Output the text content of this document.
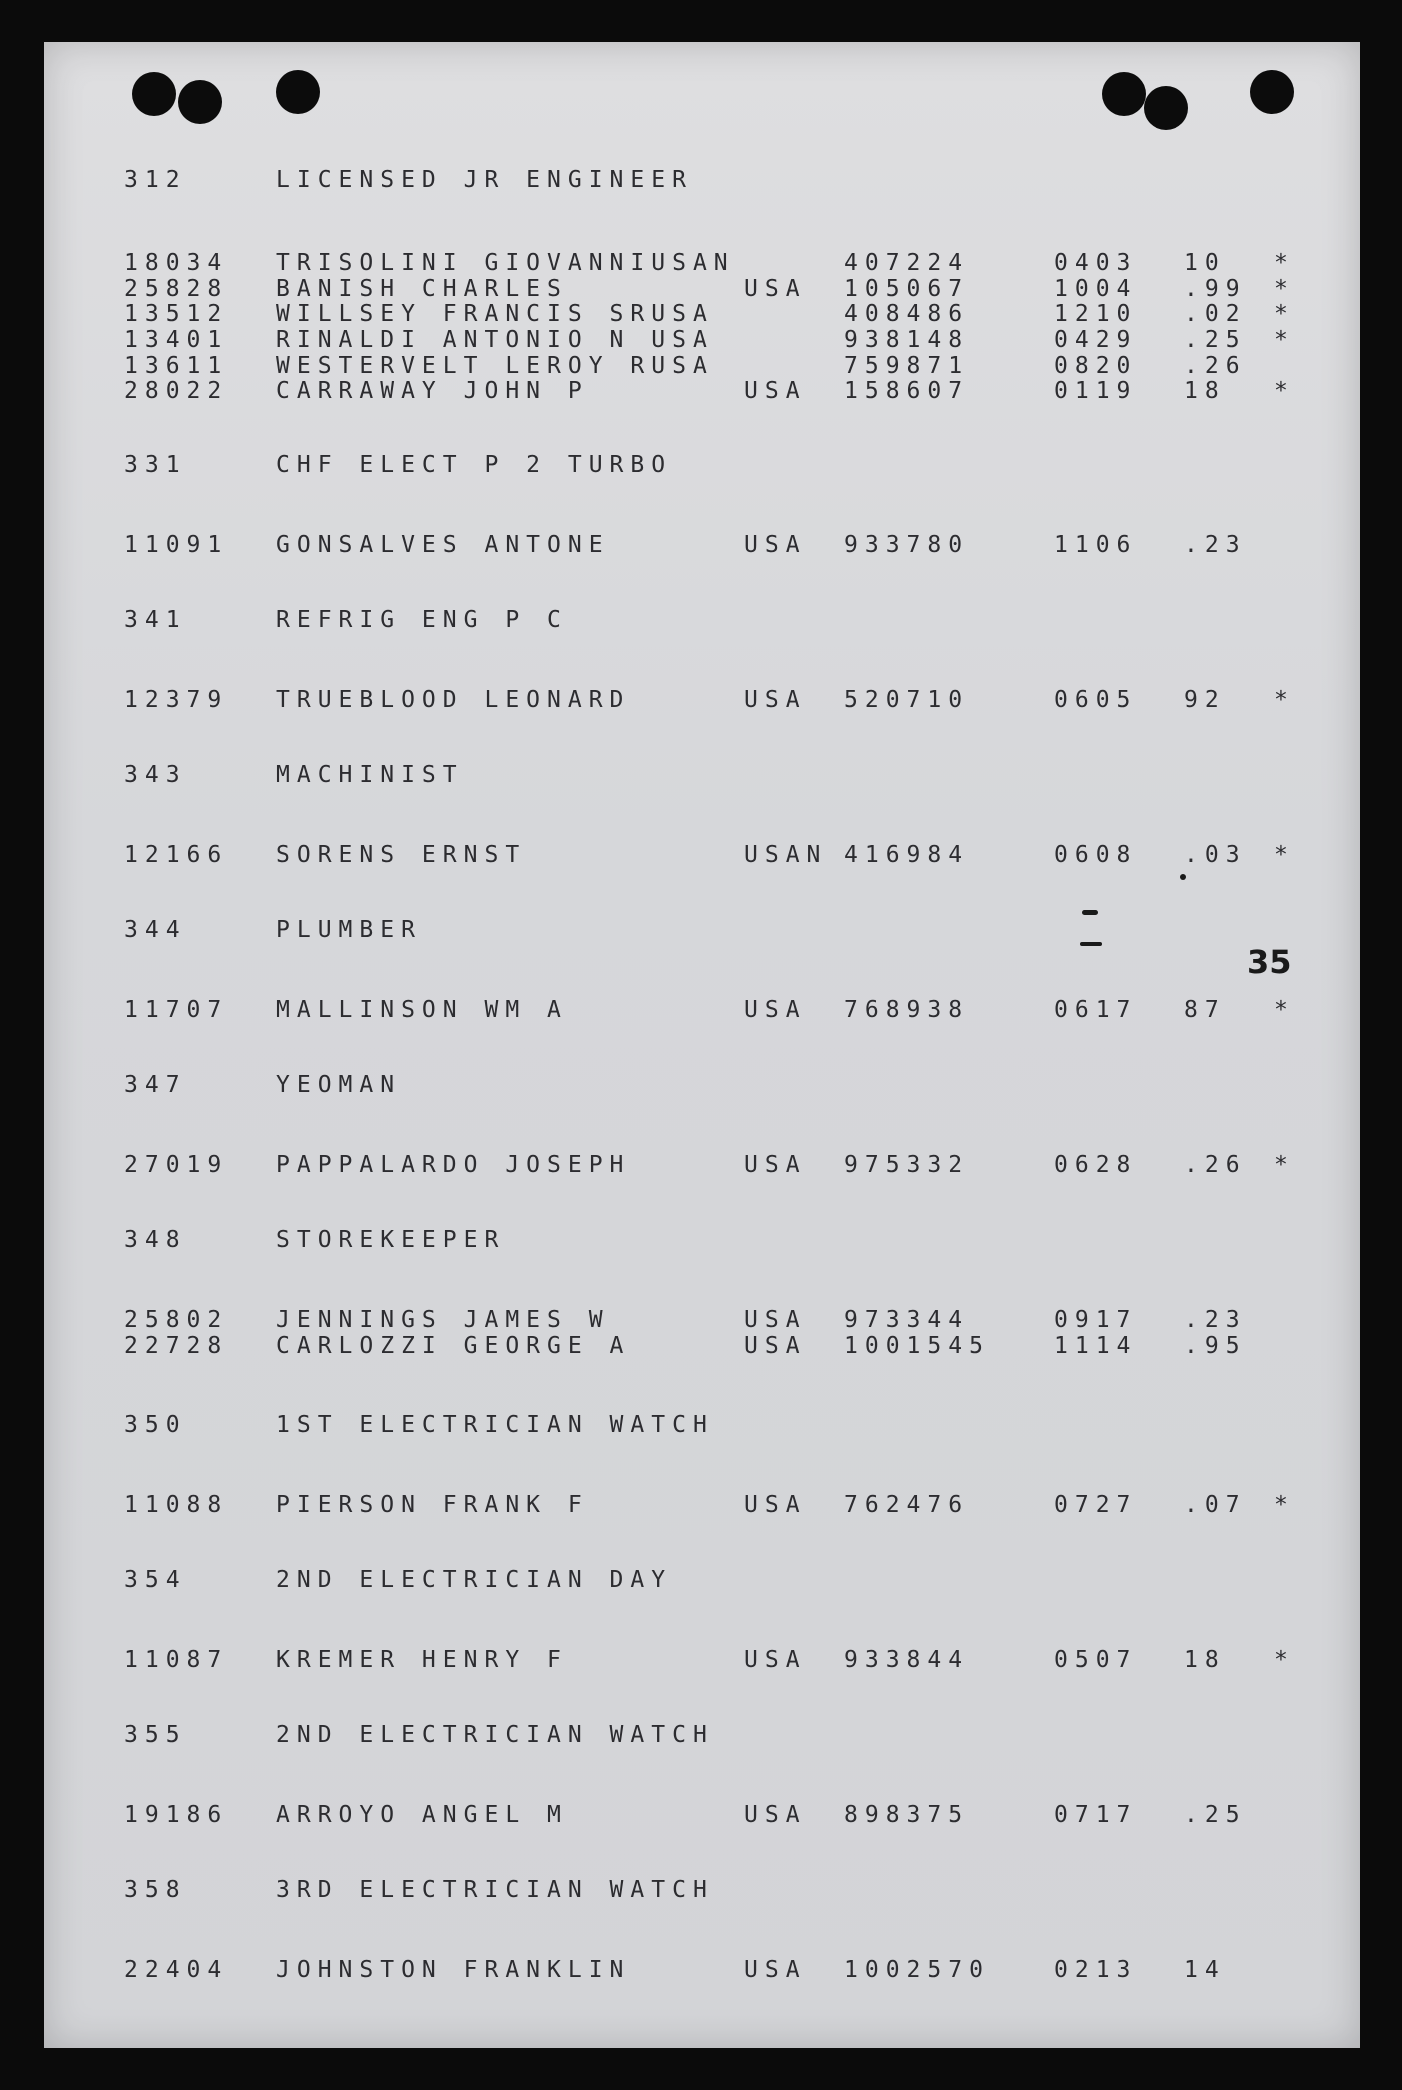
35
312	LICENSED JR ENGINEER
18034 TRISOLINI GIOVANNIUSAN	407224	0403 10 *
25828 BANISH CHARLES	USA 105067	1004 .99 *
13512 WILLSEY FRANCIS SRUSA	408486	1210 .02 *
13401 RINALDI ANTONIO N USA	938148	0429 .25 *
13611 WESTERVELT LEROY RUSA	759871	0820 .26
28022 CARRAWAY JOHN P	USA 158607	0119 18 *
331	CHF ELECT P 2 TURBO
11091 GONSALVES ANTONE	USA 933780	1106 .23
341	REFRIG ENG P C
12379 TRUEBLOOD LEONARD	USA 520710	0605 92 *
343	MACHINIST
12166 SORENS ERNST	USAN 416984	0608 .03 *
344	PLUMBER
11707 MALLINSON WM A	USA 768938	0617 87 *
347	YEOMAN
27019 PAPPALARDO JOSEPH	USA 975332	0628 .26 *
348	STOREKEEPER
25802 JENNINGS JAMES W	USA 973344	0917 .23
22728 CARLOZZI GEORGE A	USA 1001545	1114 .95
350	1ST ELECTRICIAN WATCH
11088 PIERSON FRANK F	USA 762476	0727 .07 *
354	2ND ELECTRICIAN DAY
11087 KREMER HENRY F	USA 933844	0507 18 *
355	2ND ELECTRICIAN WATCH
19186 ARROYO ANGEL M	USA 898375	0717 .25
358	3RD ELECTRICIAN WATCH
22404 JOHNSTON FRANKLIN	USA 1002570	0213 14
